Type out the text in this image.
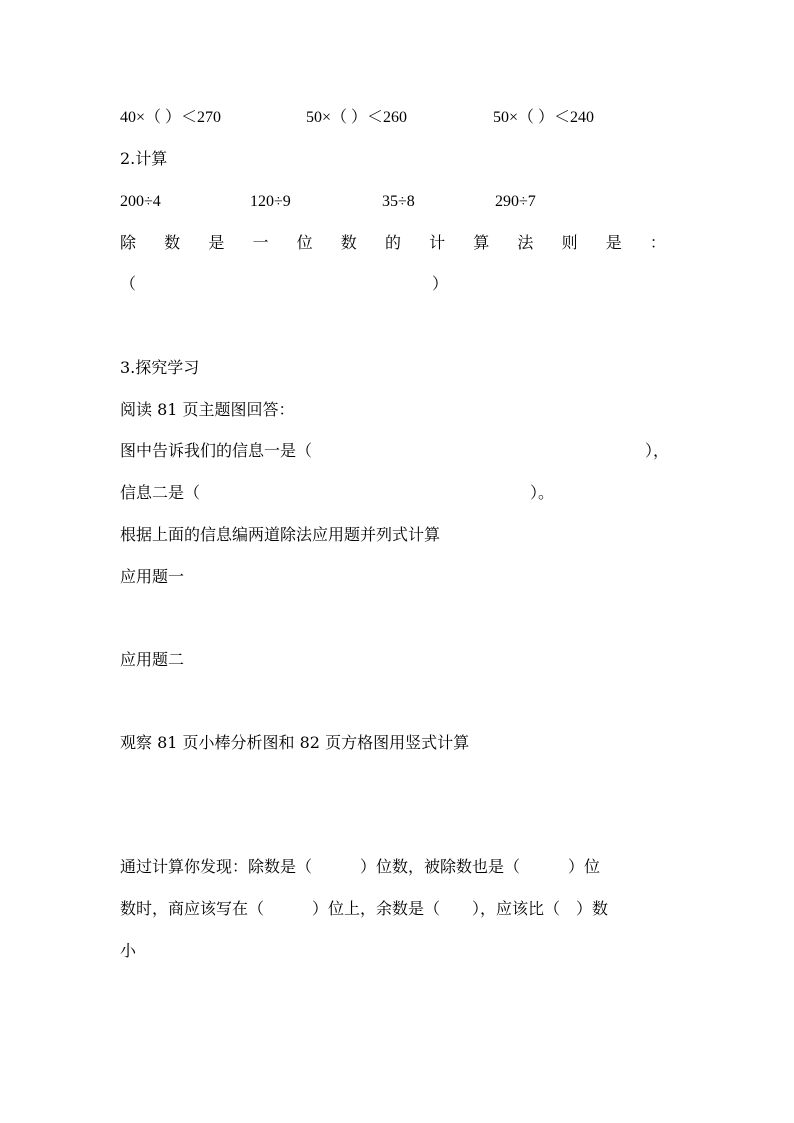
40×（ ）＜270	50×（ ）＜260	50×（ ）＜240
2.计算
200÷4	120÷9	35÷8	290÷7
除 数 是 一 位 数 的 计 算 法 则 是 ：
（	）
3.探究学习
阅读 81 页主题图回答：
图中告诉我们的信息一是（	），
信息二是（	）。
根据上面的信息编两道除法应用题并列式计算
应用题一
应用题二
观察 81 页小棒分析图和 82 页方格图用竖式计算
通过计算你发现：除数是（　　　）位数，被除数也是（　　　）位
数时，商应该写在（　　　）位上，余数是（　　），应该比（　）数
小
